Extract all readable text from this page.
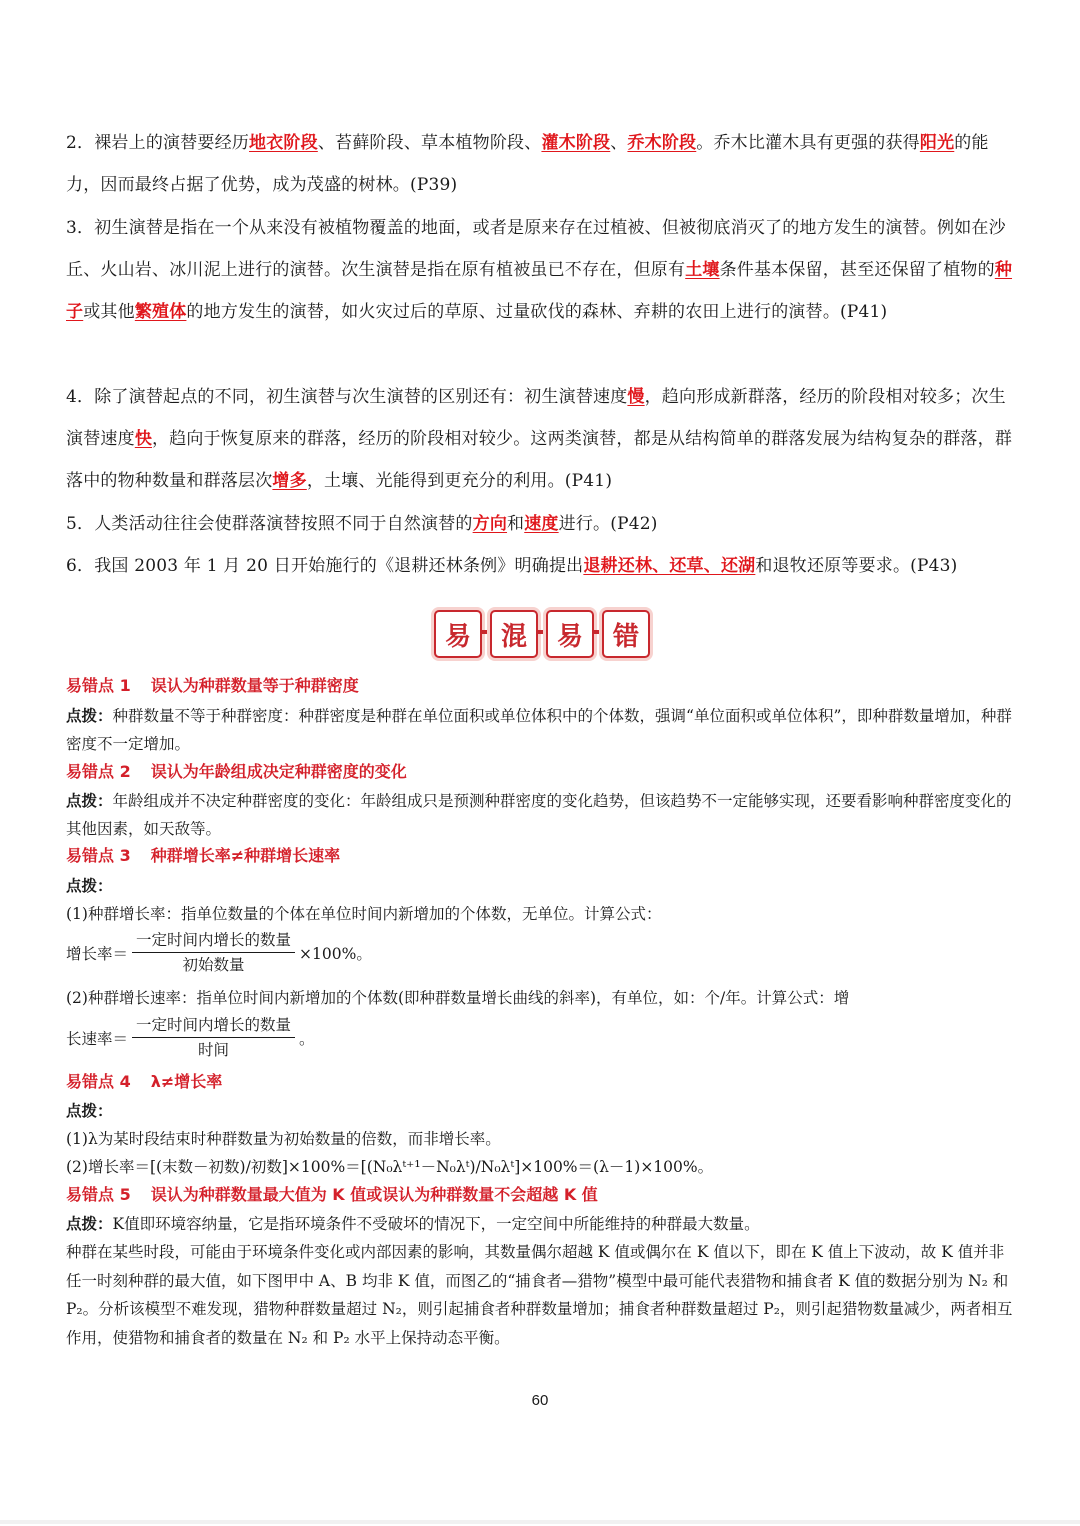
2．裸岩上的演替要经历地衣阶段、苔藓阶段、草本植物阶段、灌木阶段、乔木阶段。乔木比灌木具有更强的获得阳光的能力，因而最终占据了优势，成为茂盛的树林。(P39)
3．初生演替是指在一个从来没有被植物覆盖的地面，或者是原来存在过植被、但被彻底消灭了的地方发生的演替。例如在沙丘、火山岩、冰川泥上进行的演替。次生演替是指在原有植被虽已不存在，但原有土壤条件基本保留，甚至还保留了植物的种子或其他繁殖体的地方发生的演替，如火灾过后的草原、过量砍伐的森林、弃耕的农田上进行的演替。(P41)
4．除了演替起点的不同，初生演替与次生演替的区别还有：初生演替速度慢，趋向形成新群落，经历的阶段相对较多；次生演替速度快，趋向于恢复原来的群落，经历的阶段相对较少。这两类演替，都是从结构简单的群落发展为结构复杂的群落，群落中的物种数量和群落层次增多，土壤、光能得到更充分的利用。(P41)
5．人类活动往往会使群落演替按照不同于自然演替的方向和速度进行。(P42)
6．我国 2003 年 1 月 20 日开始施行的《退耕还林条例》明确提出退耕还林、还草、还湖和退牧还原等要求。(P43)
易	混	易	错
易错点 1 误认为种群数量等于种群密度
点拨：种群数量不等于种群密度：种群密度是种群在单位面积或单位体积中的个体数，强调“单位面积或单位体积”，即种群数量增加，种群密度不一定增加。
易错点 2 误认为年龄组成决定种群密度的变化
点拨：年龄组成并不决定种群密度的变化：年龄组成只是预测种群密度的变化趋势，但该趋势不一定能够实现，还要看影响种群密度变化的其他因素，如天敌等。
易错点 3 种群增长率≠种群增长速率
点拨：
(1)种群增长率：指单位数量的个体在单位时间内新增加的个体数，无单位。计算公式：
增长率＝ $\frac{\text{一定时间内增长的数量}}{\text{初始数量}} \times 100\%$。
(2)种群增长速率：指单位时间内新增加的个体数(即种群数量增长曲线的斜率)，有单位，如：个/年。计算公式：增
长速率＝ $\frac{\text{一定时间内增长的数量}}{\text{时间}}$ 。
易错点 4 λ≠增长率
点拨：
(1)λ为某时段结束时种群数量为初始数量的倍数，而非增长率。
(2)增长率＝[(末数－初数)/初数]×100%＝[(N₀λᵗ⁺¹－N₀λᵗ)/N₀λᵗ]×100%＝(λ－1)×100%。
易错点 5 误认为种群数量最大值为 K 值或误认为种群数量不会超越 K 值
点拨：K值即环境容纳量，它是指环境条件不受破坏的情况下，一定空间中所能维持的种群最大数量。
种群在某些时段，可能由于环境条件变化或内部因素的影响，其数量偶尔超越 K 值或偶尔在 K 值以下，即在 K 值上下波动，故 K 值并非任一时刻种群的最大值，如下图甲中 A、B 均非 K 值，而图乙的“捕食者—猎物”模型中最可能代表猎物和捕食者 K 值的数据分别为 N₂ 和 P₂。分析该模型不难发现，猎物种群数量超过 N₂，则引起捕食者种群数量增加；捕食者种群数量超过 P₂，则引起猎物数量减少，两者相互作用，使猎物和捕食者的数量在 N₂ 和 P₂ 水平上保持动态平衡。
60
